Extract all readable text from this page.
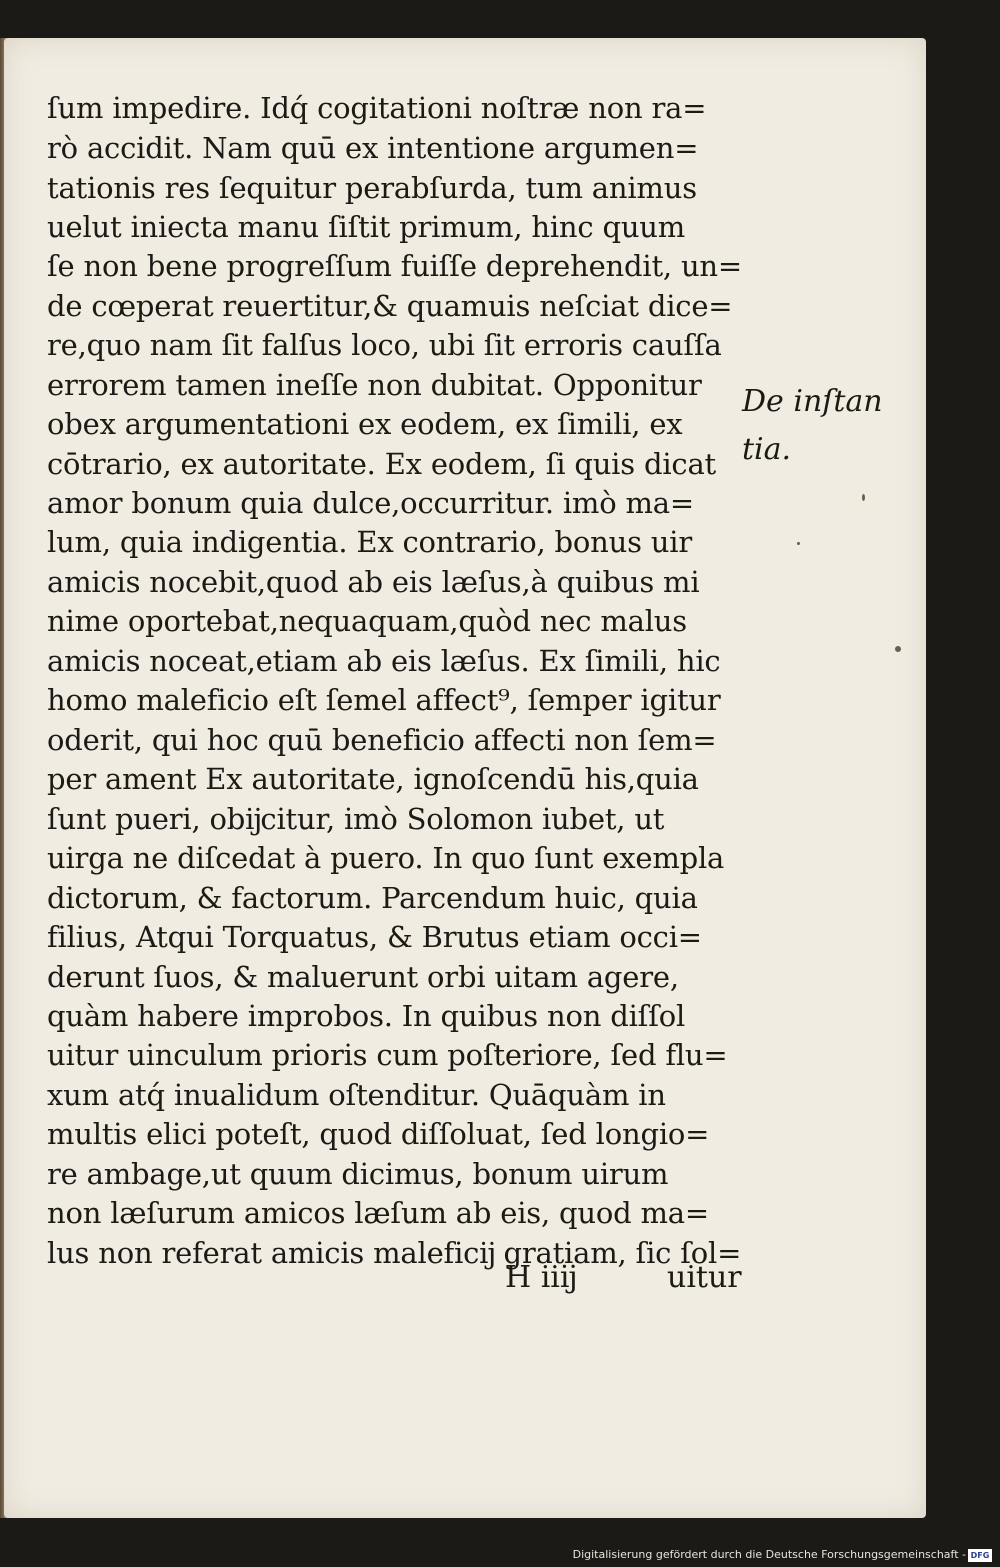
ſum impedire. Idq́ cogitationi noſtræ non ra=
rò accidit. Nam quū ex intentione argumen=
tationis res ſequitur perabſurda, tum animus
uelut iniecta manu ſiſtit primum, hinc quum
ſe non bene progreſſum fuiſſe deprehendit, un=
de cœperat reuertitur,& quamuis neſciat dice=
re,quo nam ſit falſus loco, ubi ſit erroris cauſſa
errorem tamen ineſſe non dubitat. Opponitur
obex argumentationi ex eodem, ex ſimili, ex
cōtrario, ex autoritate. Ex eodem, ſi quis dicat
amor bonum quia dulce,occurritur. imò ma=
lum, quia indigentia. Ex contrario, bonus uir
amicis nocebit,quod ab eis læſus,à quibus mi
nime oportebat,nequaquam,quòd nec malus
amicis noceat,etiam ab eis læſus. Ex ſimili, hic
homo maleficio eſt ſemel affect⁹, ſemper igitur
oderit, qui hoc quū beneficio affecti non ſem=
per ament Ex autoritate, ignoſcendū his,quia
ſunt pueri, obĳcitur, imò Solomon iubet, ut
uirga ne diſcedat à puero. In quo ſunt exempla
dictorum, & factorum. Parcendum huic, quia
filius, Atqui Torquatus, & Brutus etiam occi=
derunt ſuos, & maluerunt orbi uitam agere,
quàm habere improbos. In quibus non diſſol
uitur uinculum prioris cum poſteriore, ſed flu=
xum atq́ inualidum oſtenditur. Quāquàm in
multis elici poteſt, quod diſſoluat, ſed longio=
re ambage,ut quum dicimus, bonum uirum
non læſurum amicos læſum ab eis, quod ma=
lus non referat amicis maleficĳ gratiam, ſic ſol=
De inſtan
tia.
H iiĳ	uitur
Digitalisierung gefördert durch die Deutsche Forschungsgemeinschaft - DFG
